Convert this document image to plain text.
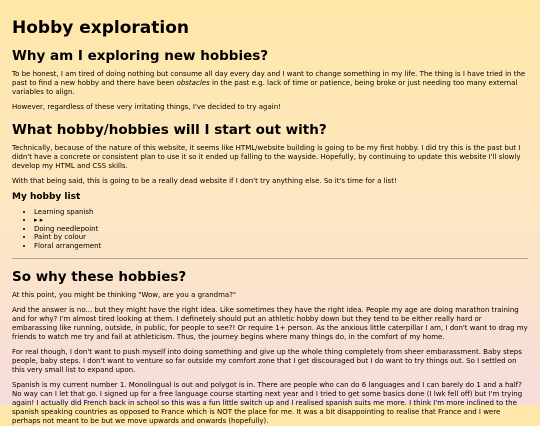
Hobby exploration
Why am I exploring new hobbies?

To be honest, I am tired of doing nothing but consume all day every day and I want to change something in my life. The thing is I have tried in the past to find a new hobby and there have been obstacles in the past e.g. lack of time or patience, being broke or just needing too many external variables to align.

However, regardless of these very irritating things, I've decided to try again!

What hobby/hobbies will I start out with?

Technically, because of the nature of this website, it seems like HTML/website building is going to be my first hobby. I did try this is the past but I didn't have a concrete or consistent plan to use it so it ended up falling to the wayside. Hopefully, by continuing to update this website I'll slowly develop my HTML and CSS skills.

With that being said, this is going to be a really dead website if I don't try anything else. So it's time for a list!

My hobby list
• Learning spanish
• ▸ ▸
• Doing needlepoint
• Paint by colour
• Floral arrangement
So why these hobbies?

At this point, you might be thinking "Wow, are you a grandma?"

And the answer is no... but they might have the right idea. Like sometimes they have the right idea. People my age are doing marathon training and for why? I'm almost tired looking at them. I definetely should put an athletic hobby down but they tend to be either really hard or embarassing like running, outside, in public, for people to see?! Or require 1+ person. As the anxious little caterpillar I am, I don't want to drag my friends to watch me try and fail at athleticism. Thus, the journey begins where many things do, in the comfort of my home.

For real though, I don't want to push myself into doing something and give up the whole thing completely from sheer embarassment. Baby steps people, baby steps. I don't want to venture so far outside my comfort zone that I get discouraged but I do want to try things out. So I settled on this very small list to expand upon.

Spanish is my current number 1. Monolingual is out and polygot is in. There are people who can do 6 languages and I can barely do 1 and a half? No way can I let that go. I signed up for a free language course starting next year and I tried to get some basics done (I lwk fell off) but I'm trying again! I actually did French back in school so this was a fun little switch up and I realised spanish suits me more. I think I'm more inclined to the spanish speaking countries as opposed to France which is NOT the place for me. It was a bit disappointing to realise that France and I were perhaps not meant to be but we move upwards and onwards (hopefully).
